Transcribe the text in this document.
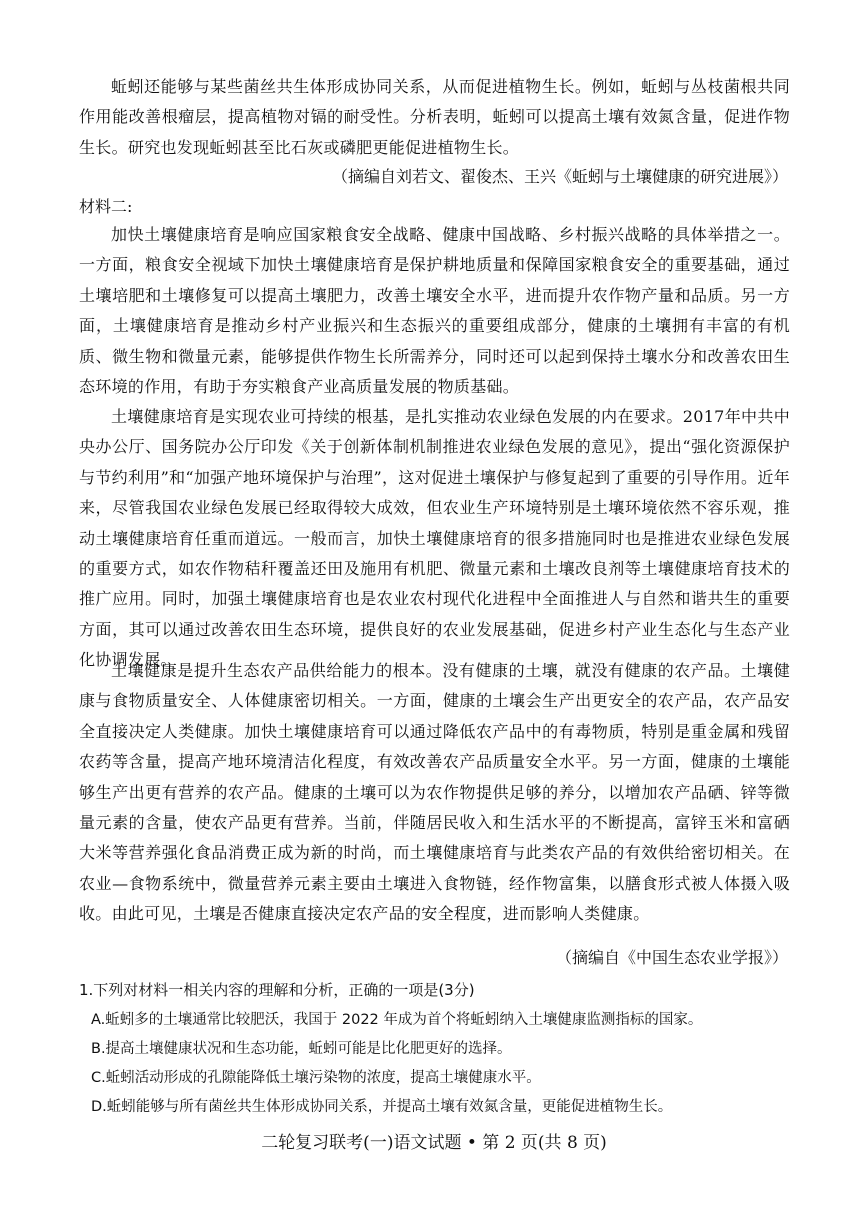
蚯蚓还能够与某些菌丝共生体形成协同关系，从而促进植物生长。例如，蚯蚓与丛枝菌根共同作用能改善根瘤层，提高植物对镉的耐受性。分析表明，蚯蚓可以提高土壤有效氮含量，促进作物生长。研究也发现蚯蚓甚至比石灰或磷肥更能促进植物生长。

（摘编自刘若文、翟俊杰、王兴《蚯蚓与土壤健康的研究进展》）

材料二:

加快土壤健康培育是响应国家粮食安全战略、健康中国战略、乡村振兴战略的具体举措之一。一方面，粮食安全视域下加快土壤健康培育是保护耕地质量和保障国家粮食安全的重要基础，通过土壤培肥和土壤修复可以提高土壤肥力，改善土壤安全水平，进而提升农作物产量和品质。另一方面，土壤健康培育是推动乡村产业振兴和生态振兴的重要组成部分，健康的土壤拥有丰富的有机质、微生物和微量元素，能够提供作物生长所需养分，同时还可以起到保持土壤水分和改善农田生态环境的作用，有助于夯实粮食产业高质量发展的物质基础。

土壤健康培育是实现农业可持续的根基，是扎实推动农业绿色发展的内在要求。2017年中共中央办公厅、国务院办公厅印发《关于创新体制机制推进农业绿色发展的意见》，提出“强化资源保护与节约利用”和“加强产地环境保护与治理”，这对促进土壤保护与修复起到了重要的引导作用。近年来，尽管我国农业绿色发展已经取得较大成效，但农业生产环境特别是土壤环境依然不容乐观，推动土壤健康培育任重而道远。一般而言，加快土壤健康培育的很多措施同时也是推进农业绿色发展的重要方式，如农作物秸秆覆盖还田及施用有机肥、微量元素和土壤改良剂等土壤健康培育技术的推广应用。同时，加强土壤健康培育也是农业农村现代化进程中全面推进人与自然和谐共生的重要方面，其可以通过改善农田生态环境，提供良好的农业发展基础，促进乡村产业生态化与生态产业化协调发展。

土壤健康是提升生态农产品供给能力的根本。没有健康的土壤，就没有健康的农产品。土壤健康与食物质量安全、人体健康密切相关。一方面，健康的土壤会生产出更安全的农产品，农产品安全直接决定人类健康。加快土壤健康培育可以通过降低农产品中的有毒物质，特别是重金属和残留农药等含量，提高产地环境清洁化程度，有效改善农产品质量安全水平。另一方面，健康的土壤能够生产出更有营养的农产品。健康的土壤可以为农作物提供足够的养分，以增加农产品硒、锌等微量元素的含量，使农产品更有营养。当前，伴随居民收入和生活水平的不断提高，富锌玉米和富硒大米等营养强化食品消费正成为新的时尚，而土壤健康培育与此类农产品的有效供给密切相关。在农业—食物系统中，微量营养元素主要由土壤进入食物链，经作物富集，以膳食形式被人体摄入吸收。由此可见，土壤是否健康直接决定农产品的安全程度，进而影响人类健康。

（摘编自《中国生态农业学报》）

1.下列对材料一相关内容的理解和分析，正确的一项是(3分)

A.蚯蚓多的土壤通常比较肥沃，我国于 2022 年成为首个将蚯蚓纳入土壤健康监测指标的国家。

B.提高土壤健康状况和生态功能，蚯蚓可能是比化肥更好的选择。

C.蚯蚓活动形成的孔隙能降低土壤污染物的浓度，提高土壤健康水平。

D.蚯蚓能够与所有菌丝共生体形成协同关系，并提高土壤有效氮含量，更能促进植物生长。

二轮复习联考(一)语文试题 • 第 2 页(共 8 页)
